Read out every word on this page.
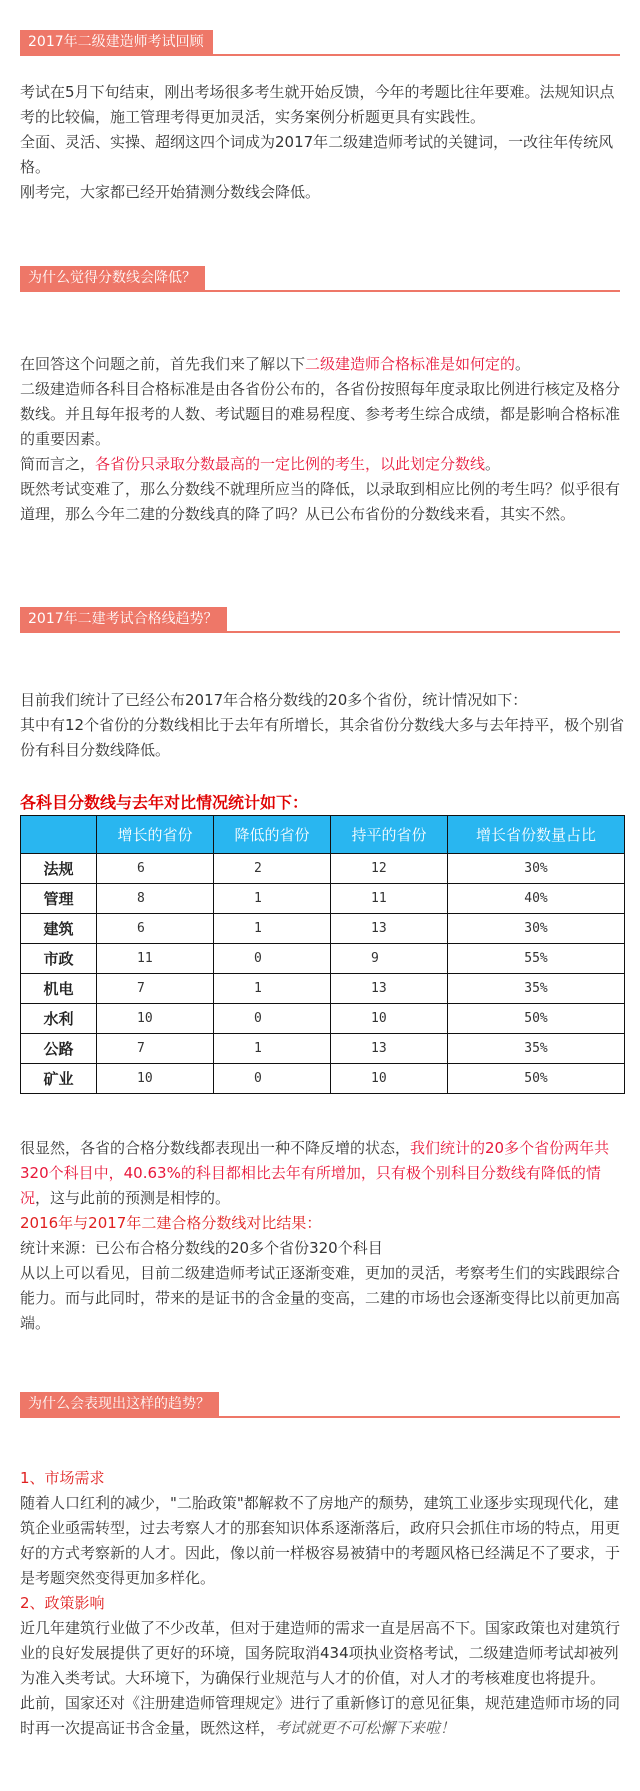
2017年二级建造师考试回顾

考试在5月下旬结束，刚出考场很多考生就开始反馈，今年的考题比往年要难。法规知识点考的比较偏，施工管理考得更加灵活，实务案例分析题更具有实践性。

全面、灵活、实操、超纲这四个词成为2017年二级建造师考试的关键词，一改往年传统风格。

刚考完，大家都已经开始猜测分数线会降低。

为什么觉得分数线会降低？

在回答这个问题之前，首先我们来了解以下二级建造师合格标准是如何定的。

二级建造师各科目合格标准是由各省份公布的，各省份按照每年度录取比例进行核定及格分数线。并且每年报考的人数、考试题目的难易程度、参考考生综合成绩，都是影响合格标准的重要因素。

简而言之，各省份只录取分数最高的一定比例的考生，以此划定分数线。

既然考试变难了，那么分数线不就理所应当的降低，以录取到相应比例的考生吗？似乎很有道理，那么今年二建的分数线真的降了吗？从已公布省份的分数线来看，其实不然。

2017年二建考试合格线趋势？

目前我们统计了已经公布2017年合格分数线的20多个省份，统计情况如下：

其中有12个省份的分数线相比于去年有所增长，其余省份分数线大多与去年持平，极个别省份有科目分数线降低。

各科目分数线与去年对比情况统计如下：
	增长的省份	降低的省份	持平的省份	增长省份数量占比
法规	6	2	12	30%
管理	8	1	11	40%
建筑	6	1	13	30%
市政	11	0	9	55%
机电	7	1	13	35%
水利	10	0	10	50%
公路	7	1	13	35%
矿业	10	0	10	50%

很显然，各省的合格分数线都表现出一种不降反增的状态，我们统计的20多个省份两年共320个科目中，40.63%的科目都相比去年有所增加，只有极个别科目分数线有降低的情况，这与此前的预测是相悖的。

2016年与2017年二建合格分数线对比结果：

统计来源：已公布合格分数线的20多个省份320个科目

从以上可以看见，目前二级建造师考试正逐渐变难，更加的灵活，考察考生们的实践跟综合能力。而与此同时，带来的是证书的含金量的变高，二建的市场也会逐渐变得比以前更加高端。

为什么会表现出这样的趋势？

1、市场需求

随着人口红利的减少，"二胎政策"都解救不了房地产的颓势，建筑工业逐步实现现代化，建筑企业亟需转型，过去考察人才的那套知识体系逐渐落后，政府只会抓住市场的特点，用更好的方式考察新的人才。因此，像以前一样极容易被猜中的考题风格已经满足不了要求，于是考题突然变得更加多样化。

2、政策影响

近几年建筑行业做了不少改革，但对于建造师的需求一直是居高不下。国家政策也对建筑行业的良好发展提供了更好的环境，国务院取消434项执业资格考试，二级建造师考试却被列为准入类考试。大环境下，为确保行业规范与人才的价值，对人才的考核难度也将提升。

此前，国家还对《注册建造师管理规定》进行了重新修订的意见征集，规范建造师市场的同时再一次提高证书含金量，既然这样，考试就更不可松懈下来啦！
